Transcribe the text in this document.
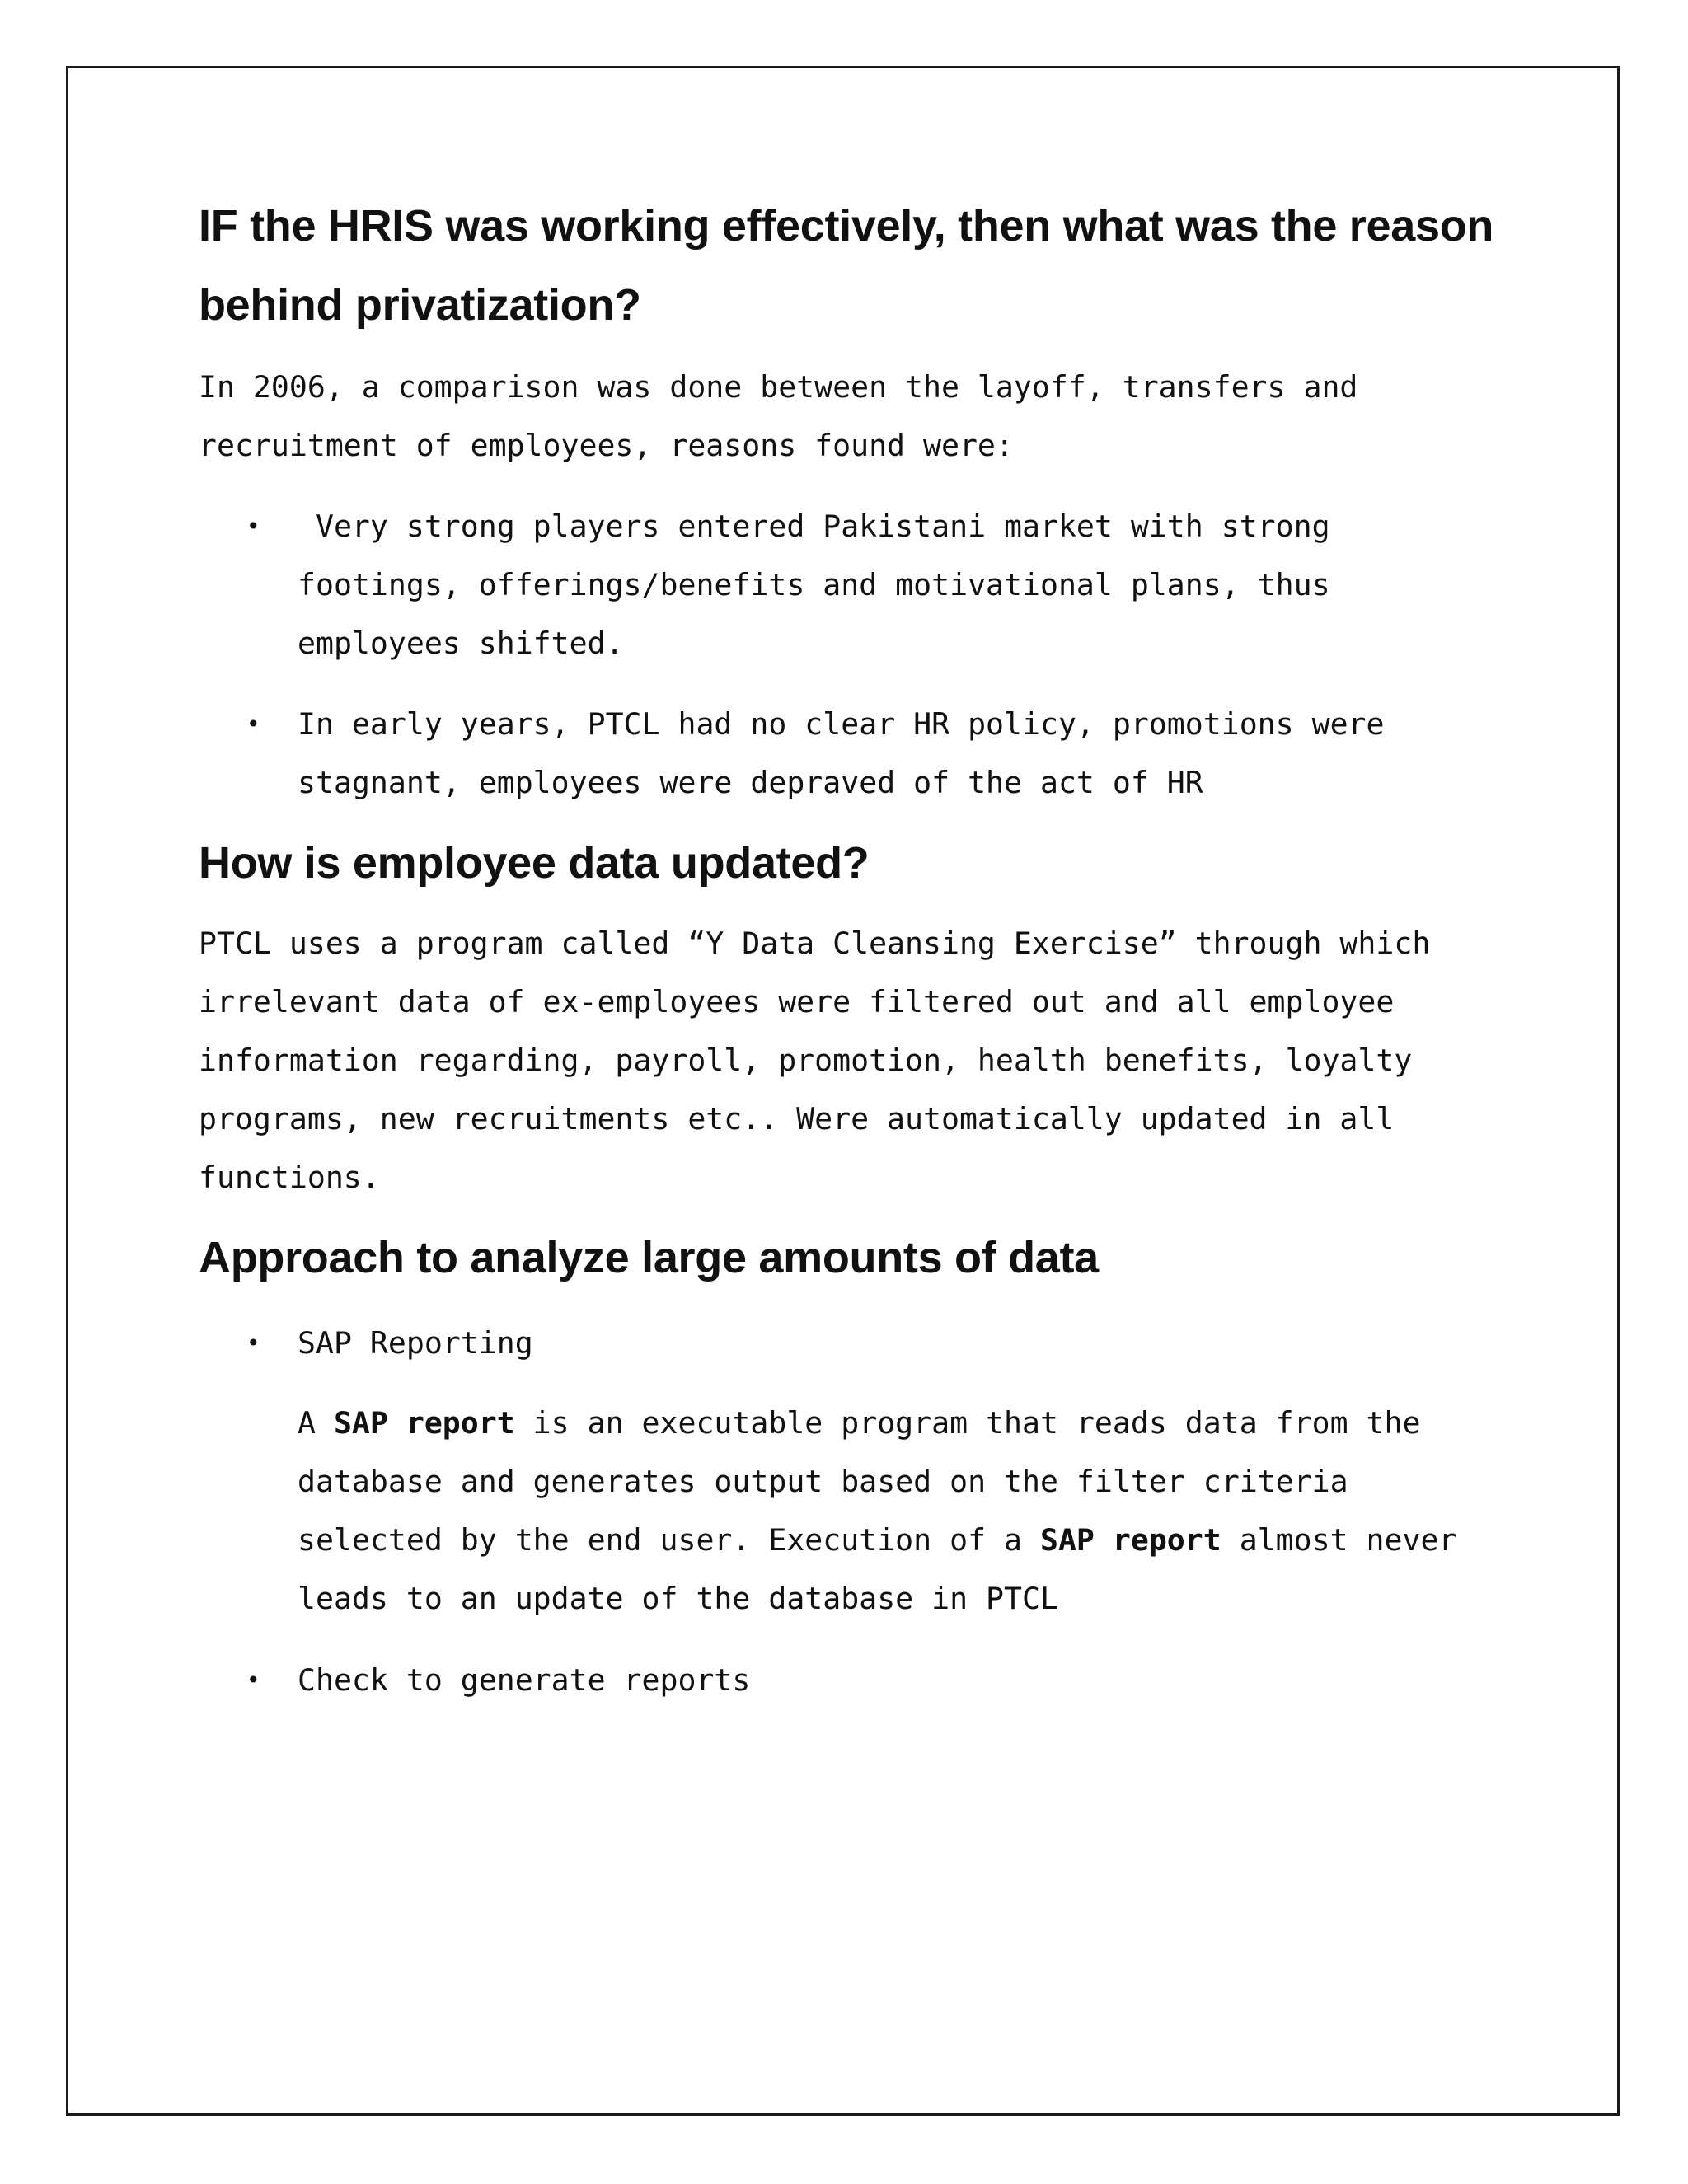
IF the HRIS was working effectively, then what was the reason behind privatization?

In 2006, a comparison was done between the layoff, transfers and recruitment of employees, reasons found were:

• Very strong players entered Pakistani market with strong footings, offerings/benefits and motivational plans, thus employees shifted.
• In early years, PTCL had no clear HR policy, promotions were stagnant, employees were depraved of the act of HR
How is employee data updated?

PTCL uses a program called “Y Data Cleansing Exercise” through which irrelevant data of ex-employees were filtered out and all employee information regarding, payroll, promotion, health benefits, loyalty programs, new recruitments etc.. Were automatically updated in all functions.

Approach to analyze large amounts of data
• SAP Reporting

A SAP report is an executable program that reads data from the database and generates output based on the filter criteria selected by the end user. Execution of a SAP report almost never leads to an update of the database in PTCL

• Check to generate reports
